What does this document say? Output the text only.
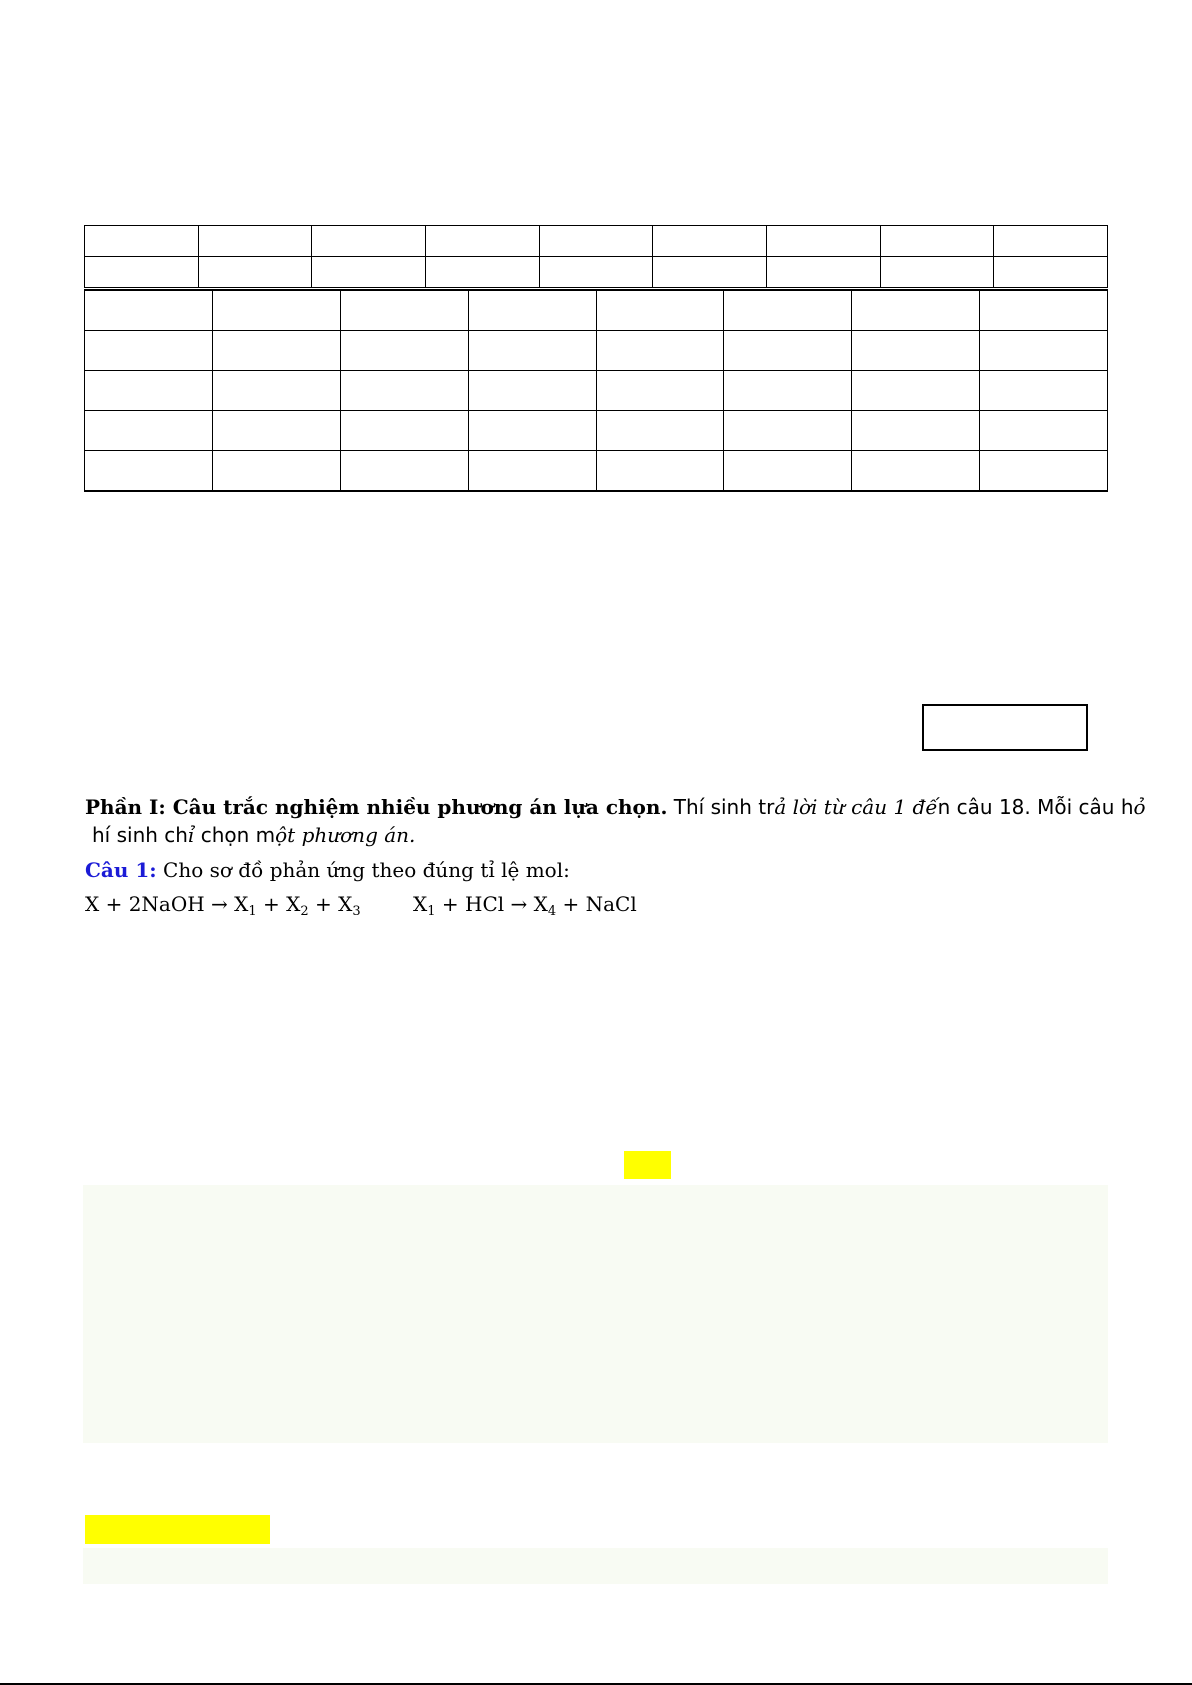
Phần I: Câu trắc nghiệm nhiều phương án lựa chọn. Thí sinh trả lời từ câu 1 đến câu 18. Mỗi câu hỏ
hí sinh chỉ chọn một phương án.
Câu 1: Cho sơ đồ phản ứng theo đúng tỉ lệ mol:
X + 2NaOH → $X_1 + X_2 + X_3$	$X_1$ + HCl → $X_4$ + NaCl
